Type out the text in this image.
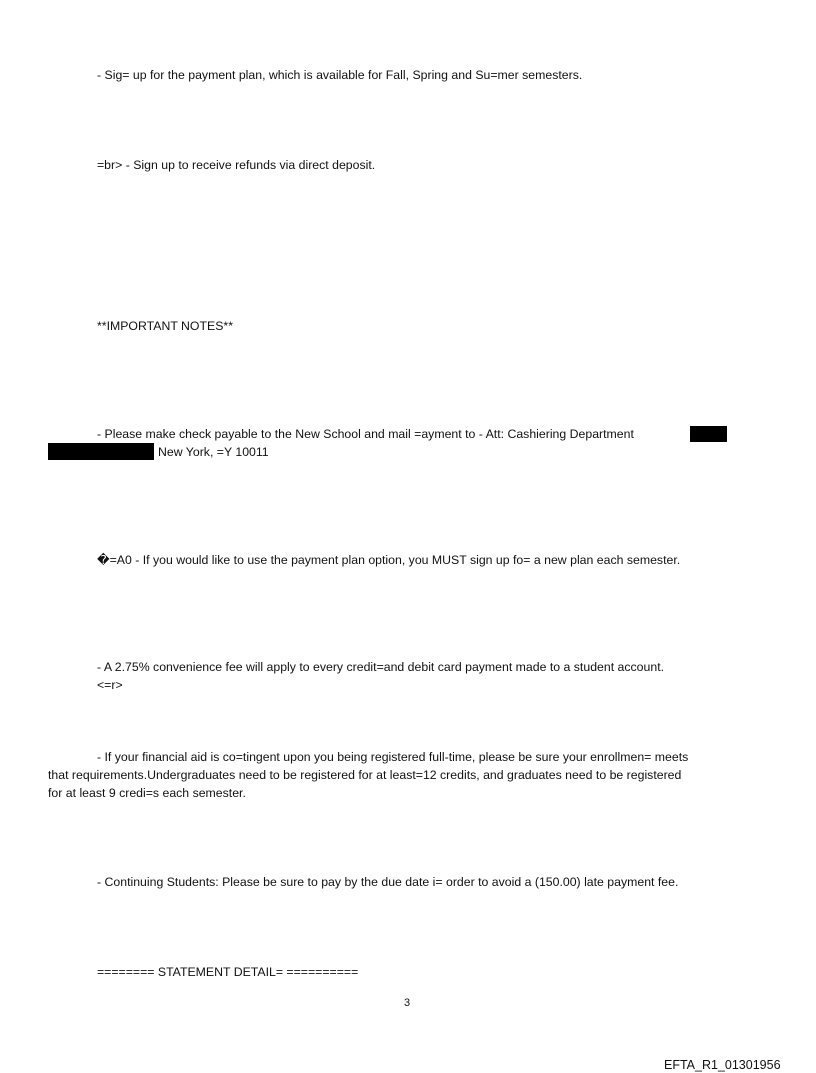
- Sig= up for the payment plan, which is available for Fall, Spring and Su=mer semesters.
=br> - Sign up to receive refunds via direct deposit.
**IMPORTANT NOTES**
- Please make check payable to the New School and mail =ayment to - Att: Cashiering Department
New York, =Y 10011
�=A0 - If you would like to use the payment plan option, you MUST sign up fo= a new plan each semester.
- A 2.75% convenience fee will apply to every credit=and debit card payment made to a student account.
<=r>
- If your financial aid is co=tingent upon you being registered full-time, please be sure your enrollmen= meets
that requirements.Undergraduates need to be registered for at least=12 credits, and graduates need to be registered
for at least 9 credi=s each semester.
- Continuing Students: Please be sure to pay by the due date i= order to avoid a (150.00) late payment fee.
======== STATEMENT DETAIL= ==========
3
EFTA_R1_01301956
